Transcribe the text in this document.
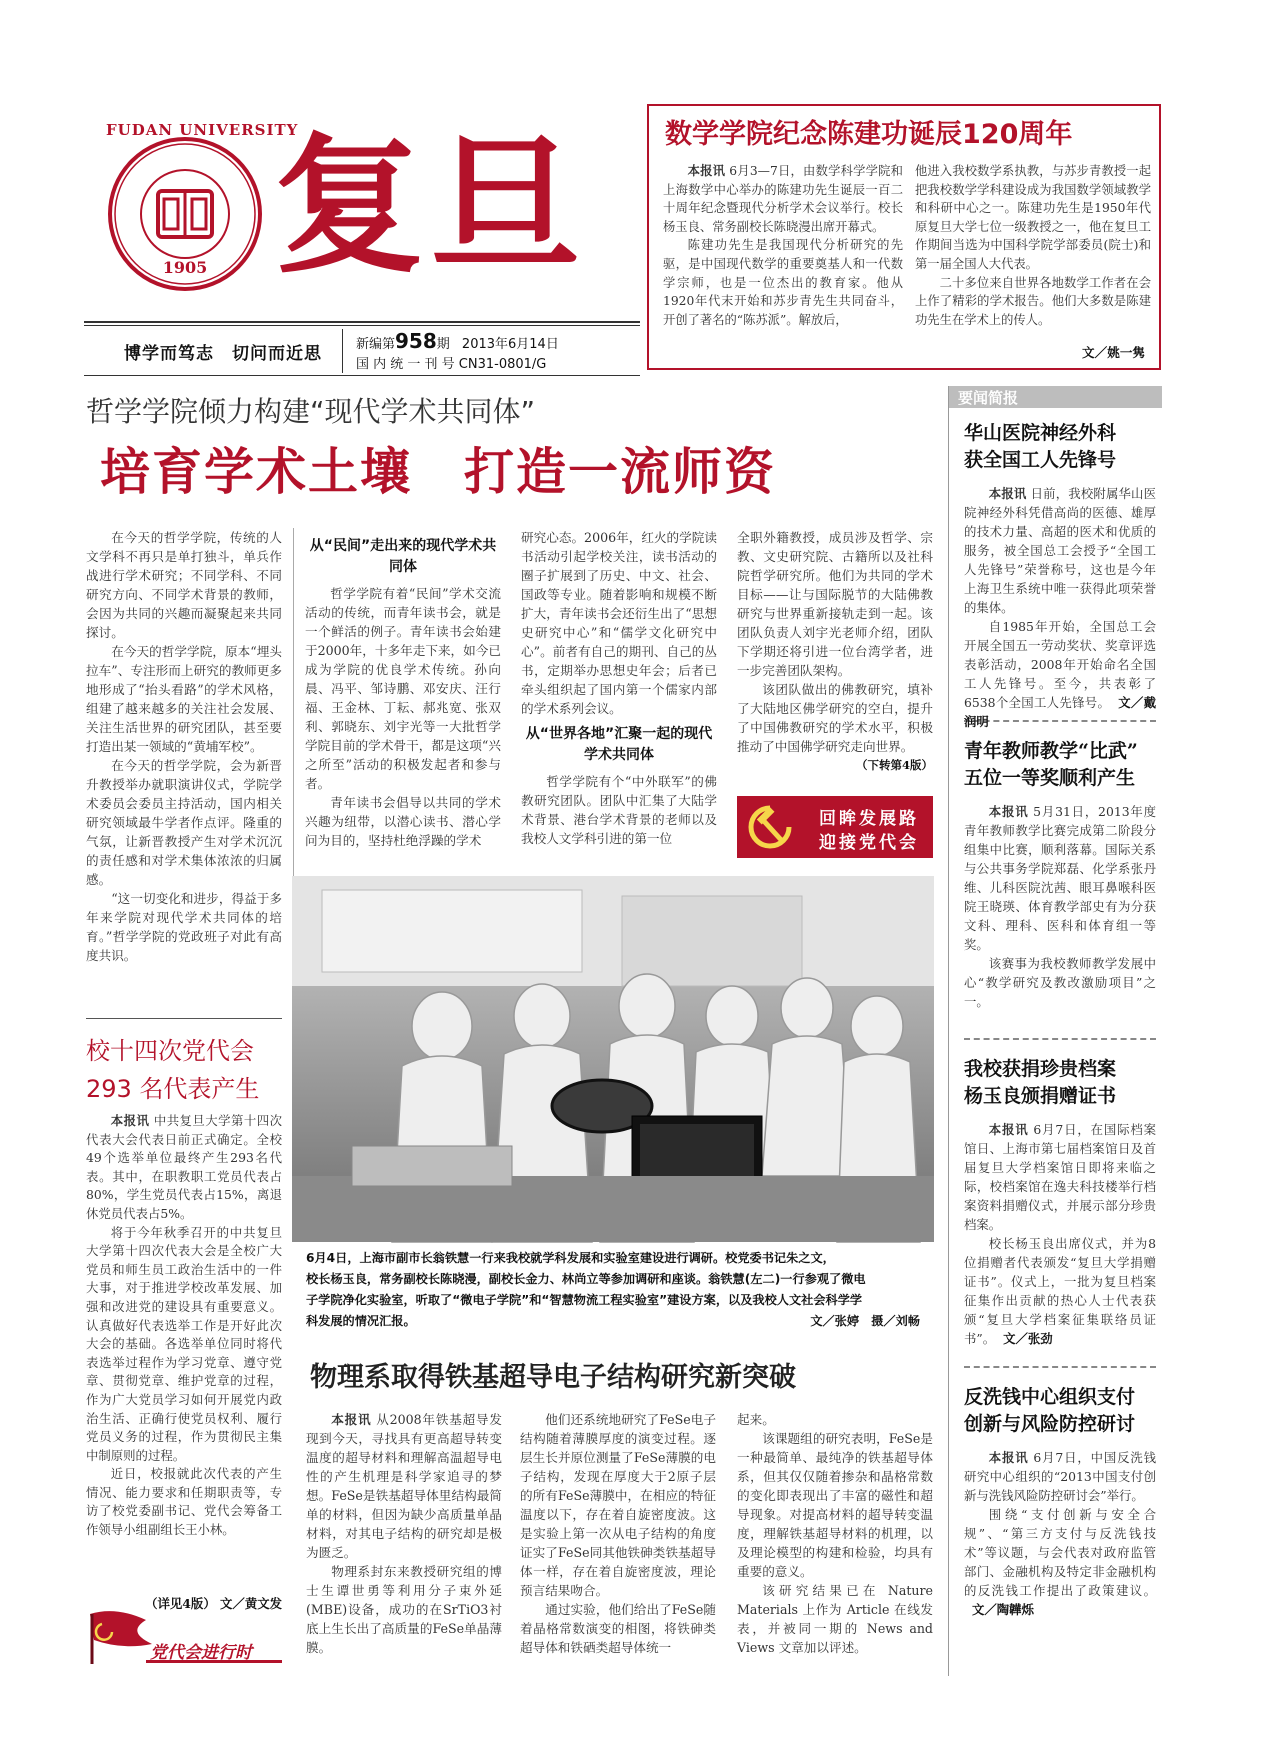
FUDAN UNIVERSITY
1905 复旦
博学而笃志　切问而近思	新编第958期 2013年6月14日
国 内 统 一 刊 号 CN31-0801/G
数学学院纪念陈建功诞辰120周年

本报讯 6月3—7日，由数学科学学院和上海数学中心举办的陈建功先生诞辰一百二十周年纪念暨现代分析学术会议举行。校长杨玉良、常务副校长陈晓漫出席开幕式。

陈建功先生是我国现代分析研究的先驱，是中国现代数学的重要奠基人和一代数学宗师，也是一位杰出的教育家。他从1920年代末开始和苏步青先生共同奋斗，开创了著名的“陈苏派”。解放后，

他进入我校数学系执教，与苏步青教授一起把我校数学学科建设成为我国数学领域教学和科研中心之一。陈建功先生是1950年代原复旦大学七位一级教授之一，他在复旦工作期间当选为中国科学院学部委员(院士)和第一届全国人大代表。

二十多位来自世界各地数学工作者在会上作了精彩的学术报告。他们大多数是陈建功先生在学术上的传人。

文／姚一隽
哲学学院倾力构建“现代学术共同体”
培育学术土壤　打造一流师资

在今天的哲学学院，传统的人文学科不再只是单打独斗，单兵作战进行学术研究；不同学科、不同研究方向、不同学术背景的教师，会因为共同的兴趣而凝聚起来共同探讨。

在今天的哲学学院，原本“埋头拉车”、专注形而上研究的教师更多地形成了“抬头看路”的学术风格，组建了越来越多的关注社会发展、关注生活世界的研究团队，甚至要打造出某一领域的“黄埔军校”。

在今天的哲学学院，会为新晋升教授举办就职演讲仪式，学院学术委员会委员主持活动，国内相关研究领域最牛学者作点评。隆重的气氛，让新晋教授产生对学术沉沉的责任感和对学术集体浓浓的归属感。

“这一切变化和进步，得益于多年来学院对现代学术共同体的培育。”哲学学院的党政班子对此有高度共识。

从“民间”走出来的现代学术共同体

哲学学院有着“民间”学术交流活动的传统，而青年读书会，就是一个鲜活的例子。青年读书会始建于2000年，十多年走下来，如今已成为学院的优良学术传统。孙向晨、冯平、邹诗鹏、邓安庆、汪行福、王金林、丁耘、郝兆宽、张双利、郭晓东、刘宇光等一大批哲学学院目前的学术骨干，都是这项“兴之所至”活动的积极发起者和参与者。

青年读书会倡导以共同的学术兴趣为纽带，以潜心读书、潜心学问为目的，坚持杜绝浮躁的学术

研究心态。2006年，红火的学院读书活动引起学校关注，读书活动的圈子扩展到了历史、中文、社会、国政等专业。随着影响和规模不断扩大，青年读书会还衍生出了“思想史研究中心”和“儒学文化研究中心”。前者有自己的期刊、自己的丛书，定期举办思想史年会；后者已牵头组织起了国内第一个儒家内部的学术系列会议。

从“世界各地”汇聚一起的现代学术共同体

哲学学院有个“中外联军”的佛教研究团队。团队中汇集了大陆学术背景、港台学术背景的老师以及我校人文学科引进的第一位

全职外籍教授，成员涉及哲学、宗教、文史研究院、古籍所以及社科院哲学研究所。他们为共同的学术目标——让与国际脱节的大陆佛教研究与世界重新接轨走到一起。该团队负责人刘宇光老师介绍，团队下学期还将引进一位台湾学者，进一步完善团队架构。

该团队做出的佛教研究，填补了大陆地区佛学研究的空白，提升了中国佛教研究的学术水平，积极推动了中国佛学研究走向世界。

（下转第4版）
回眸发展路
迎接党代会
6月4日，上海市副市长翁铁慧一行来我校就学科发展和实验室建设进行调研。校党委书记朱之文，
校长杨玉良，常务副校长陈晓漫，副校长金力、林尚立等参加调研和座谈。翁铁慧(左二)一行参观了微电
子学院净化实验室，听取了“微电子学院”和“智慧物流工程实验室”建设方案，以及我校人文社会科学学
科发展的情况汇报。	文／张婷　摄／刘畅
校十四次党代会
293 名代表产生

本报讯 中共复旦大学第十四次代表大会代表日前正式确定。全校49个选举单位最终产生293名代表。其中，在职教职工党员代表占80%，学生党员代表占15%，离退休党员代表占5%。

将于今年秋季召开的中共复旦大学第十四次代表大会是全校广大党员和师生员工政治生活中的一件大事，对于推进学校改革发展、加强和改进党的建设具有重要意义。认真做好代表选举工作是开好此次大会的基础。各选举单位同时将代表选举过程作为学习党章、遵守党章、贯彻党章、维护党章的过程，作为广大党员学习如何开展党内政治生活、正确行使党员权利、履行党员义务的过程，作为贯彻民主集中制原则的过程。

近日，校报就此次代表的产生情况、能力要求和任期职责等，专访了校党委副书记、党代会筹备工作领导小组副组长王小林。

（详见4版） 文／黄文发
党代会进行时
物理系取得铁基超导电子结构研究新突破

本报讯 从2008年铁基超导发现到今天，寻找具有更高超导转变温度的超导材料和理解高温超导电性的产生机理是科学家追寻的梦想。FeSe是铁基超导体里结构最简单的材料，但因为缺少高质量单晶材料，对其电子结构的研究却是极为匮乏。

物理系封东来教授研究组的博士生谭世勇等利用分子束外延(MBE)设备，成功的在SrTiO3衬底上生长出了高质量的FeSe单晶薄膜。

他们还系统地研究了FeSe电子结构随着薄膜厚度的演变过程。逐层生长并原位测量了FeSe薄膜的电子结构，发现在厚度大于2原子层的所有FeSe薄膜中，在相应的特征温度以下，存在着自旋密度波。这是实验上第一次从电子结构的角度证实了FeSe同其他铁砷类铁基超导体一样，存在着自旋密度波，理论预言结果吻合。

通过实验，他们给出了FeSe随着晶格常数演变的相图，将铁砷类超导体和铁硒类超导体统一

起来。

该课题组的研究表明，FeSe是一种最简单、最纯净的铁基超导体系，但其仅仅随着掺杂和晶格常数的变化即表现出了丰富的磁性和超导现象。对提高材料的超导转变温度，理解铁基超导材料的机理，以及理论模型的构建和检验，均具有重要的意义。

该研究结果已在 Nature Materials 上作为 Article 在线发表，并被同一期的 News and Views 文章加以评述。

要闻简报
华山医院神经外科
获全国工人先锋号

本报讯 日前，我校附属华山医院神经外科凭借高尚的医德、雄厚的技术力量、高超的医术和优质的服务，被全国总工会授予“全国工人先锋号”荣誉称号，这也是今年上海卫生系统中唯一获得此项荣誉的集体。

自1985年开始，全国总工会开展全国五一劳动奖状、奖章评选表彰活动，2008年开始命名全国工人先锋号。至今，共表彰了6538个全国工人先锋号。 文／戴润明

青年教师教学“比武”
五位一等奖顺利产生

本报讯 5月31日，2013年度青年教师教学比赛完成第二阶段分组集中比赛，顺利落幕。国际关系与公共事务学院郑磊、化学系张丹维、儿科医院沈茜、眼耳鼻喉科医院王晓瑛、体育教学部史有为分获文科、理科、医科和体育组一等奖。

该赛事为我校教师教学发展中心“教学研究及教改激励项目”之一。

我校获捐珍贵档案
杨玉良颁捐赠证书

本报讯 6月7日，在国际档案馆日、上海市第七届档案馆日及首届复旦大学档案馆日即将来临之际，校档案馆在逸夫科技楼举行档案资料捐赠仪式，并展示部分珍贵档案。

校长杨玉良出席仪式，并为8位捐赠者代表颁发“复旦大学捐赠证书”。仪式上，一批为复旦档案征集作出贡献的热心人士代表获颁“复旦大学档案征集联络员证书”。 文／张劲

反洗钱中心组织支付
创新与风险防控研讨

本报讯 6月7日，中国反洗钱研究中心组织的“2013中国支付创新与洗钱风险防控研讨会”举行。

围绕“支付创新与安全合规”、“第三方支付与反洗钱技术”等议题，与会代表对政府监管部门、金融机构及特定非金融机构的反洗钱工作提出了政策建议。文／陶韡烁
